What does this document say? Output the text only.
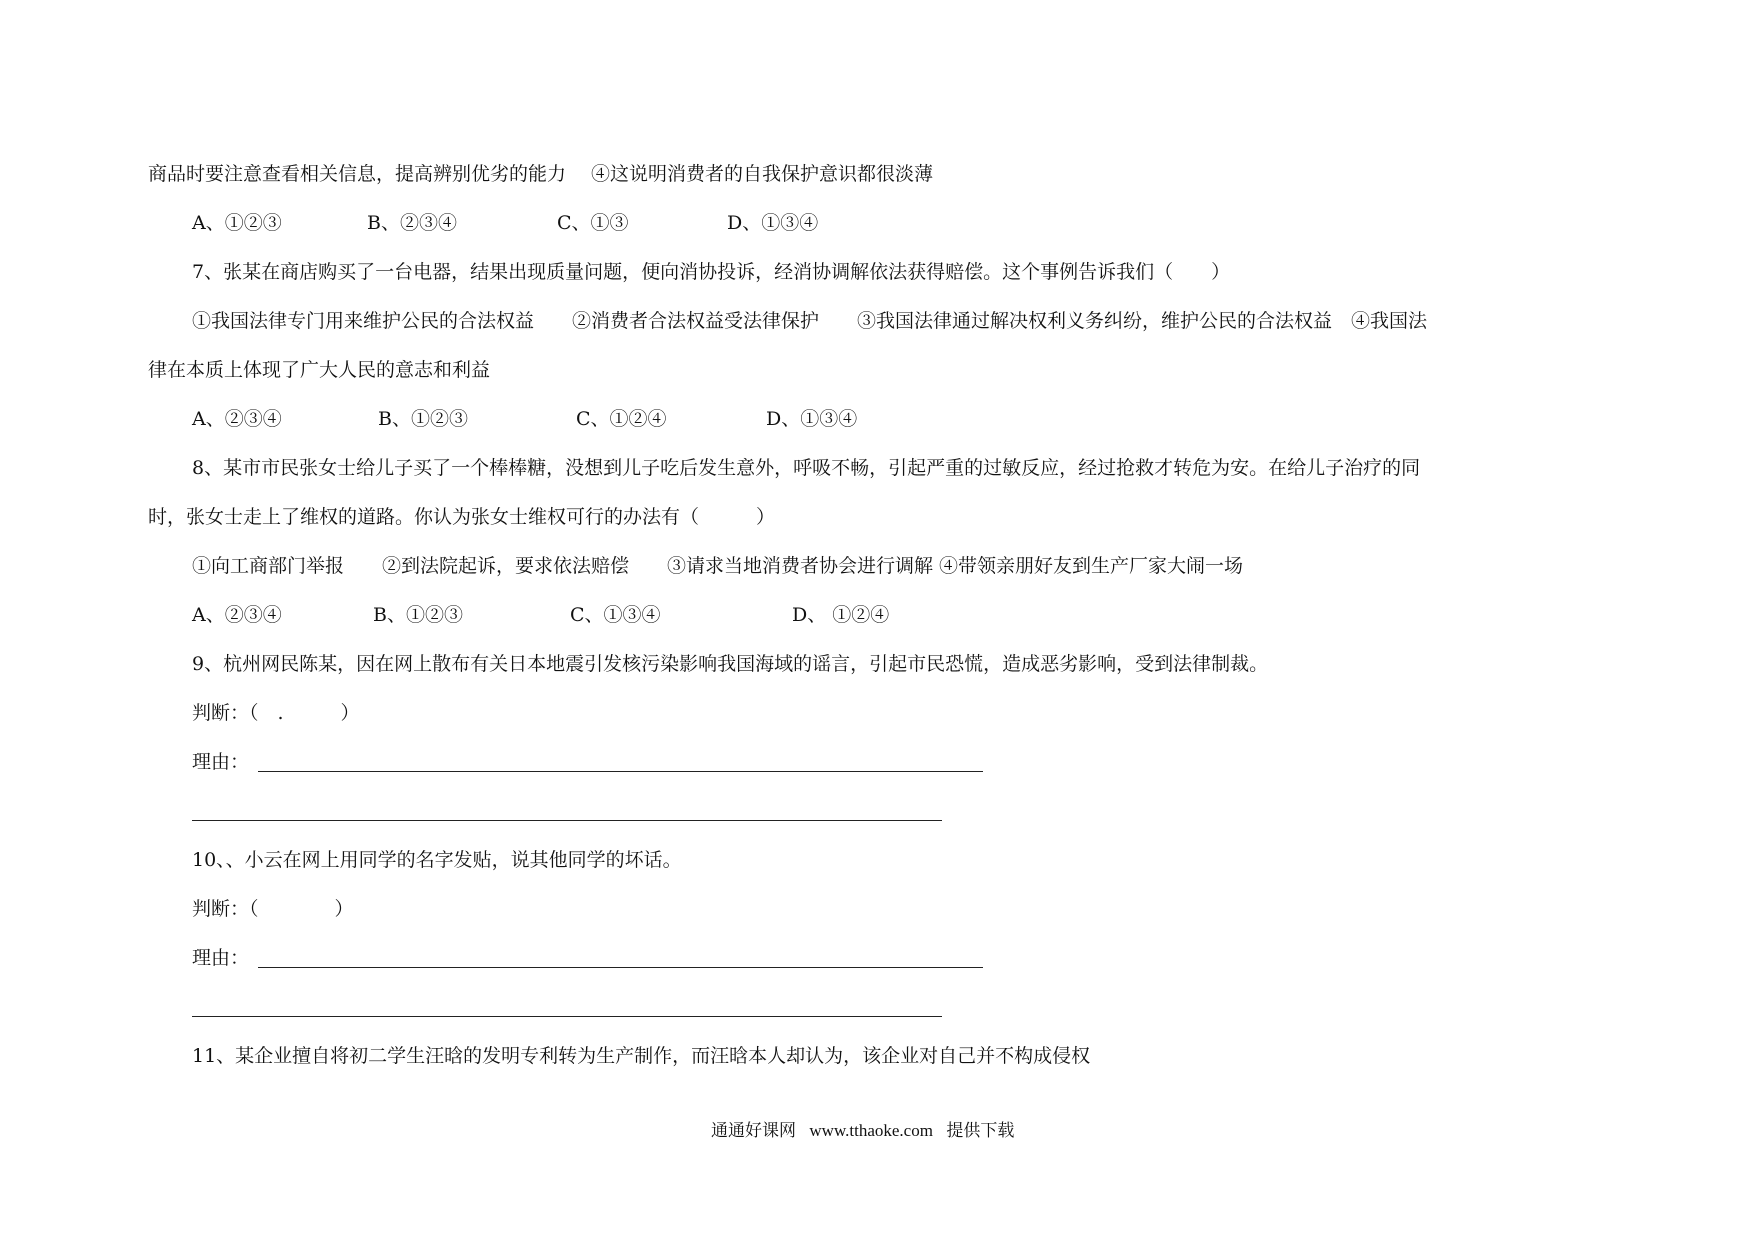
商品时要注意查看相关信息，提高辨别优劣的能力　 ④这说明消费者的自我保护意识都很淡薄
A、①②③	B、②③④	C、①③	D、①③④
7、张某在商店购买了一台电器，结果出现质量问题，便向消协投诉，经消协调解依法获得赔偿。这个事例告诉我们（　　）
①我国法律专门用来维护公民的合法权益　　②消费者合法权益受法律保护　　③我国法律通过解决权利义务纠纷，维护公民的合法权益　④我国法
律在本质上体现了广大人民的意志和利益
A、②③④	B、①②③	C、①②④	D、①③④
8、某市市民张女士给儿子买了一个棒棒糖，没想到儿子吃后发生意外，呼吸不畅，引起严重的过敏反应，经过抢救才转危为安。在给儿子治疗的同
时，张女士走上了维权的道路。你认为张女士维权可行的办法有（　　　）
①向工商部门举报　　②到法院起诉，要求依法赔偿　　③请求当地消费者协会进行调解 ④带领亲朋好友到生产厂家大闹一场
A、②③④	B、①②③	C、①③④	D、 ①②④
9、杭州网民陈某，因在网上散布有关日本地震引发核污染影响我国海域的谣言，引起市民恐慌，造成恶劣影响，受到法律制裁。
判断：（　.　　　）
理由：
10、、小云在网上用同学的名字发贴，说其他同学的坏话。
判断：（　　　　）
理由：
11、某企业擅自将初二学生汪晗的发明专利转为生产制作，而汪晗本人却认为，该企业对自己并不构成侵权
通通好课网 www.tthaoke.com 提供下载
